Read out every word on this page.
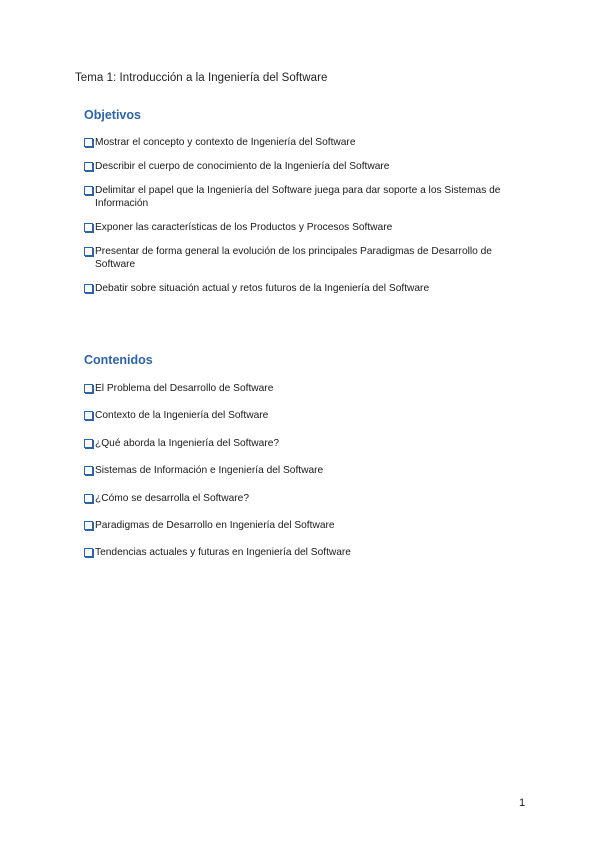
Tema 1: Introducción a la Ingeniería del Software
Objetivos
Mostrar el concepto y contexto de Ingeniería del Software
Describir el cuerpo de conocimiento de la Ingeniería del Software
Delimitar el papel que la Ingeniería del Software juega para dar soporte a los Sistemas de Información
Exponer las características de los Productos y Procesos Software
Presentar de forma general la evolución de los principales Paradigmas de Desarrollo de Software
Debatir sobre situación actual y retos futuros de la Ingeniería del Software
Contenidos
El Problema del Desarrollo de Software
Contexto de la Ingeniería del Software
¿Qué aborda la Ingeniería del Software?
Sistemas de Información e Ingeniería del Software
¿Cómo se desarrolla el Software?
Paradigmas de Desarrollo en Ingeniería del Software
Tendencias actuales y futuras en Ingeniería del Software
1
